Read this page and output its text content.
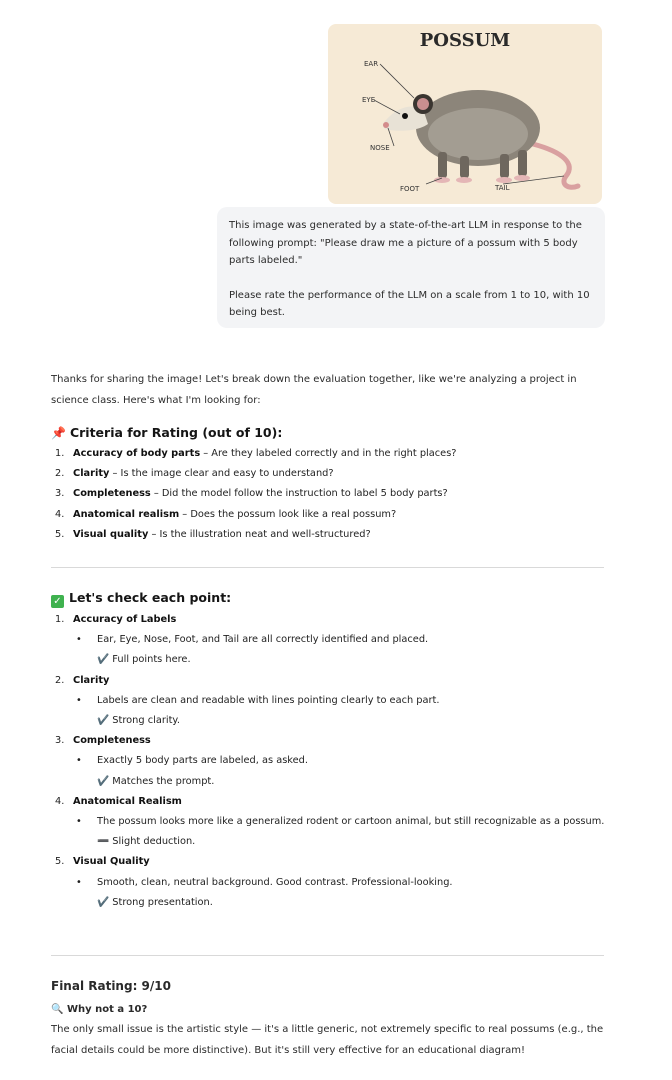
POSSUM
EAR
EYE
NOSE
FOOT	TAIL

This image was generated by a state-of-the-art LLM in response to the following prompt: "Please draw me a picture of a possum with 5 body parts labeled."

Please rate the performance of the LLM on a scale from 1 to 10, with 10 being best.

Thanks for sharing the image! Let's break down the evaluation together, like we're analyzing a project in science class. Here's what I'm looking for:
📌 Criteria for Rating (out of 10):
1. Accuracy of body parts – Are they labeled correctly and in the right places?
2. Clarity – Is the image clear and easy to understand?
3. Completeness – Did the model follow the instruction to label 5 body parts?
4. Anatomical realism – Does the possum look like a real possum?
5. Visual quality – Is the illustration neat and well-structured?
✓ Let's check each point:
1. Accuracy of Labels
• Ear, Eye, Nose, Foot, and Tail are all correctly identified and placed.
✔️ Full points here.
2. Clarity
• Labels are clean and readable with lines pointing clearly to each part.
✔️ Strong clarity.
3. Completeness
• Exactly 5 body parts are labeled, as asked.
✔️ Matches the prompt.
4. Anatomical Realism
• The possum looks more like a generalized rodent or cartoon animal, but still recognizable as a possum.
➖ Slight deduction.
5. Visual Quality
• Smooth, clean, neutral background. Good contrast. Professional-looking.
✔️ Strong presentation.
Final Rating: 9/10
🔍 Why not a 10?
The only small issue is the artistic style — it's a little generic, not extremely specific to real possums (e.g., the facial details could be more distinctive). But it's still very effective for an educational diagram!
